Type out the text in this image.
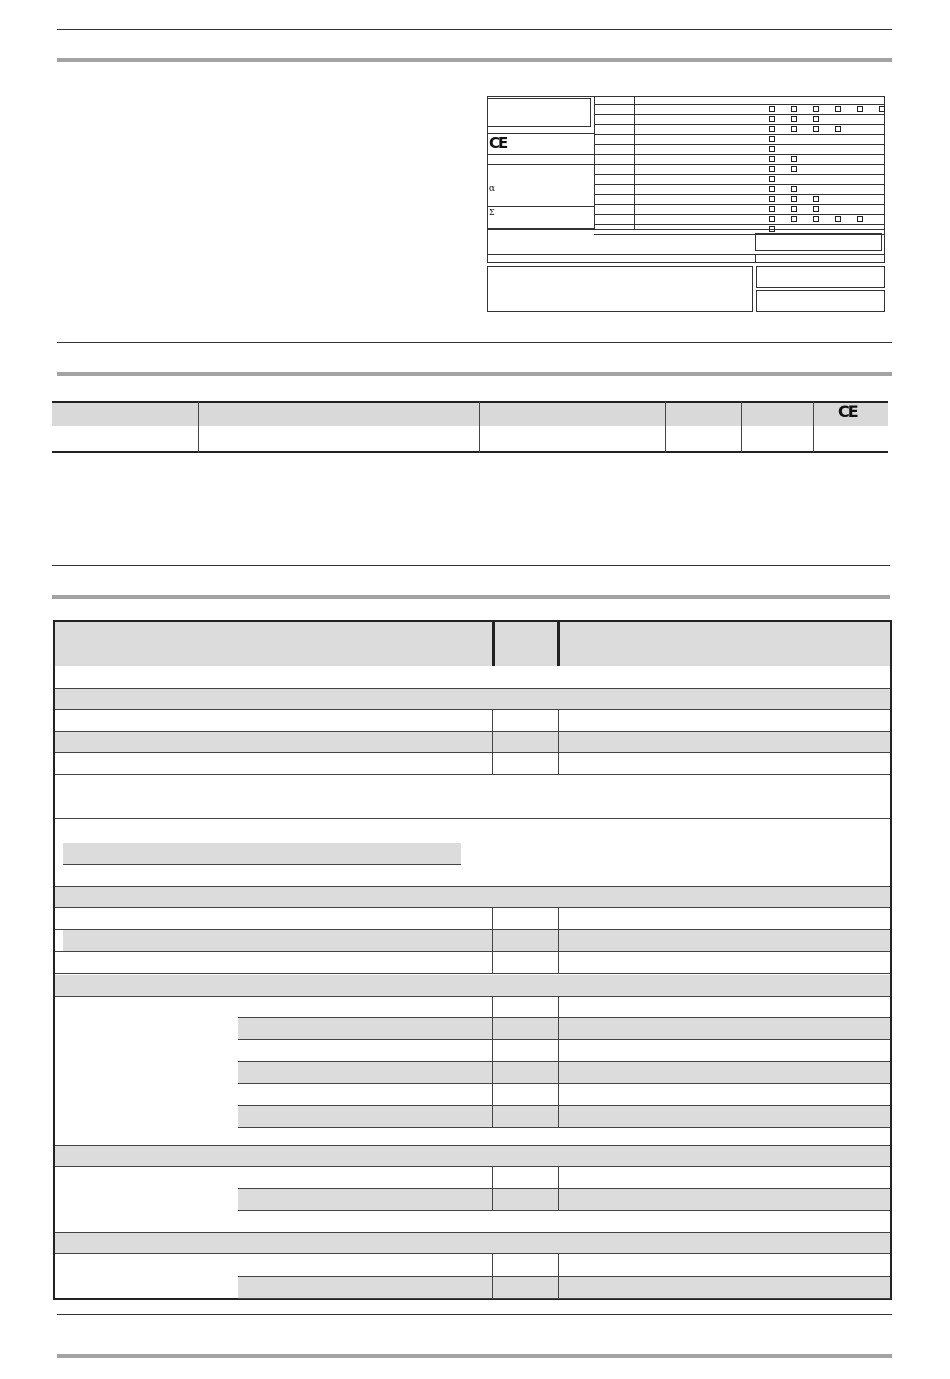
CE
α
Σ
CE
